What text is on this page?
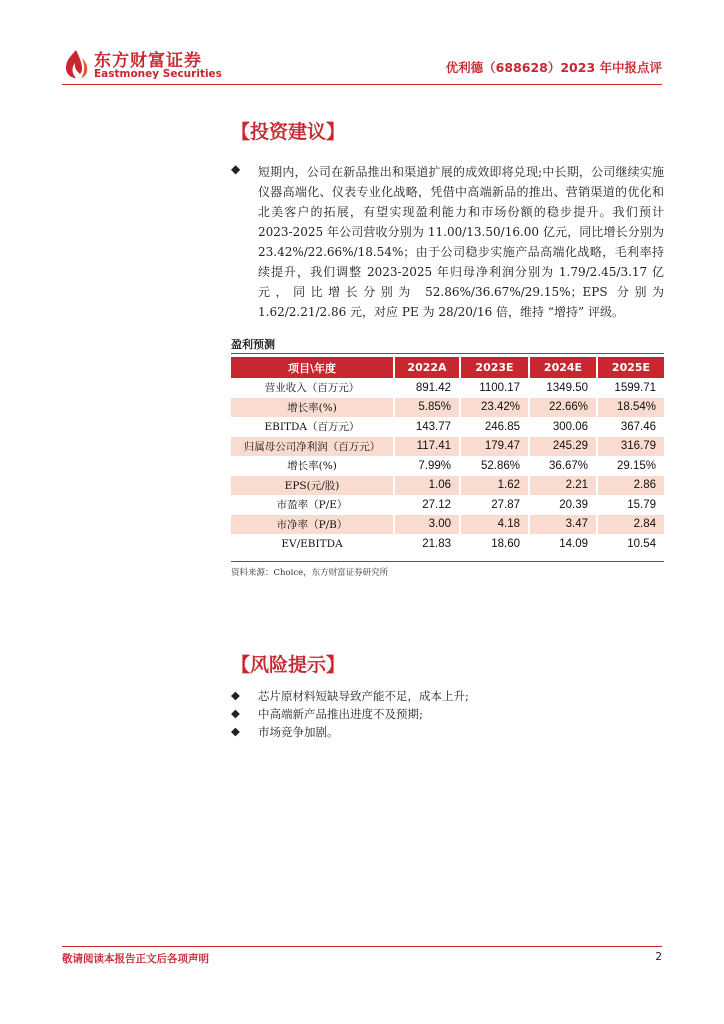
东方财富证券
Eastmoney Securities	优利德（688628）2023 年中报点评
【投资建议】
◆ 短期内，公司在新品推出和渠道扩展的成效即将兑现;中长期，公司继续实施仪器高端化、仪表专业化战略，凭借中高端新品的推出、营销渠道的优化和北美客户的拓展，有望实现盈利能力和市场份额的稳步提升。我们预计 2023-2025 年公司营收分别为 11.00/13.50/16.00 亿元，同比增长分别为 23.42%/22.66%/18.54%；由于公司稳步实施产品高端化战略，毛利率持续提升，我们调整 2023-2025 年归母净利润分别为 1.79/2.45/3.17 亿元，同比增长分别为 52.86%/36.67%/29.15%；EPS 分别为 1.62/2.21/2.86 元，对应 PE 为 28/20/16 倍，维持 “增持” 评级。
盈利预测
项目\年度	2022A	2023E	2024E	2025E
营业收入（百万元）	891.42	1100.17	1349.50	1599.71
增长率(%)	5.85%	23.42%	22.66%	18.54%
EBITDA（百万元）	143.77	246.85	300.06	367.46
归属母公司净利润（百万元）	117.41	179.47	245.29	316.79
增长率(%)	7.99%	52.86%	36.67%	29.15%
EPS(元/股)	1.06	1.62	2.21	2.86
市盈率（P/E）	27.12	27.87	20.39	15.79
市净率（P/B）	3.00	4.18	3.47	2.84
EV/EBITDA	21.83	18.60	14.09	10.54
资料来源：Choice，东方财富证券研究所
【风险提示】
◆ 芯片原材料短缺导致产能不足，成本上升;
◆ 中高端新产品推出进度不及预期;
◆ 市场竞争加剧。
敬请阅读本报告正文后各项声明	2
